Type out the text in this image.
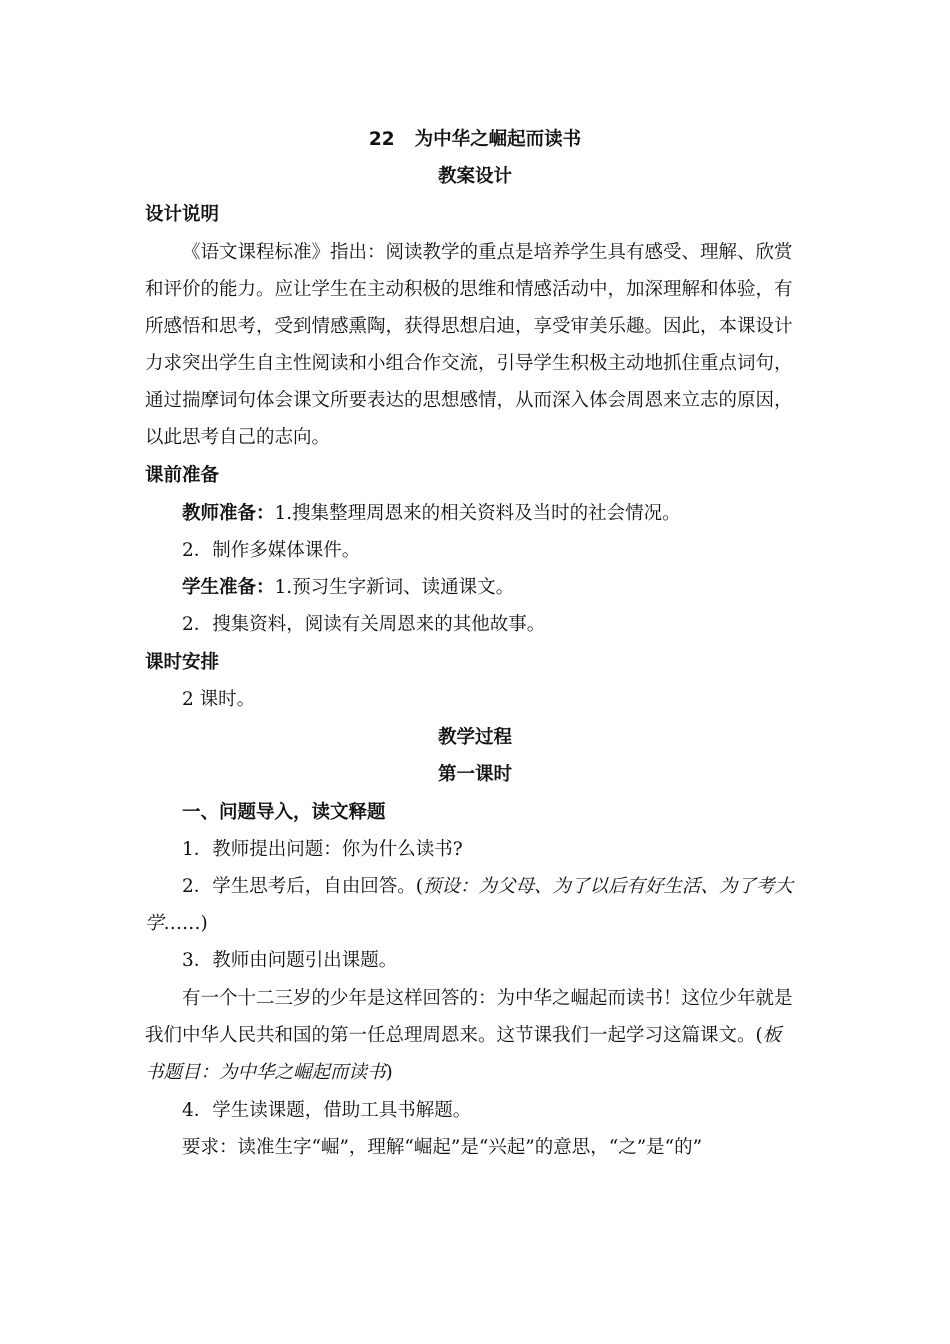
22 为中华之崛起而读书
教案设计
设计说明
《语文课程标准》指出：阅读教学的重点是培养学生具有感受、理解、欣赏
和评价的能力。应让学生在主动积极的思维和情感活动中，加深理解和体验，有
所感悟和思考，受到情感熏陶，获得思想启迪，享受审美乐趣。因此，本课设计
力求突出学生自主性阅读和小组合作交流，引导学生积极主动地抓住重点词句，
通过揣摩词句体会课文所要表达的思想感情，从而深入体会周恩来立志的原因，
以此思考自己的志向。
课前准备
教师准备：1.搜集整理周恩来的相关资料及当时的社会情况。
2．制作多媒体课件。
学生准备：1.预习生字新词、读通课文。
2．搜集资料，阅读有关周恩来的其他故事。
课时安排
2 课时。
教学过程
第一课时
一、问题导入，读文释题
1．教师提出问题：你为什么读书?
2．学生思考后，自由回答。(预设：为父母、为了以后有好生活、为了考大
学……)
3．教师由问题引出课题。
有一个十二三岁的少年是这样回答的：为中华之崛起而读书！这位少年就是
我们中华人民共和国的第一任总理周恩来。这节课我们一起学习这篇课文。(板
书题目：为中华之崛起而读书)
4．学生读课题，借助工具书解题。
要求：读准生字“崛”，理解“崛起”是“兴起”的意思，“之”是“的”
